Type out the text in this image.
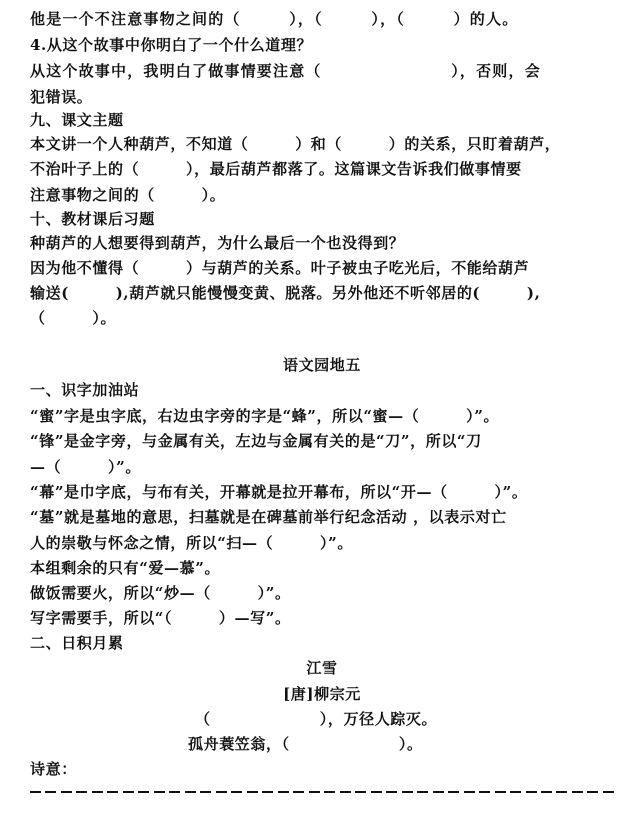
他是一个不注意事物之间的（　　　），（　　　），（　　　）的人。
4.从这个故事中你明白了一个什么道理？
从这个故事中，我明白了做事情要注意（　　　　　　　　），否则，会
犯错误。
九、课文主题
本文讲一个人种葫芦，不知道（　　　）和（　　　）的关系，只盯着葫芦，
不治叶子上的（　　　），最后葫芦都落了。这篇课文告诉我们做事情要
注意事物之间的（　　　）。
十、教材课后习题
种葫芦的人想要得到葫芦，为什么最后一个也没得到？
因为他不懂得（　　　）与葫芦的关系。叶子被虫子吃光后，不能给葫芦
输送(　　　),葫芦就只能慢慢变黄、脱落。另外他还不听邻居的(　　　),
（　　　）。
语文园地五
一、识字加油站
“蜜”字是虫字底，右边虫字旁的字是“蜂”，所以“蜜—（　　　）”。
“锋”是金字旁，与金属有关，左边与金属有关的是“刀”，所以“刀
—（　　　）”。
“幕”是巾字底，与布有关，开幕就是拉开幕布，所以“开—（　　　）”。
“墓”就是墓地的意思，扫墓就是在碑墓前举行纪念活动 ，以表示对亡
人的崇敬与怀念之情，所以“扫—（　　　）”。
本组剩余的只有“爱—慕”。
做饭需要火，所以“炒—（　　　）”。
写字需要手，所以“（　　　）—写”。
二、日积月累
江雪
[唐]柳宗元
（　　　　　　　），万径人踪灭。
孤舟蓑笠翁，（　　　　　　　）。
诗意：
